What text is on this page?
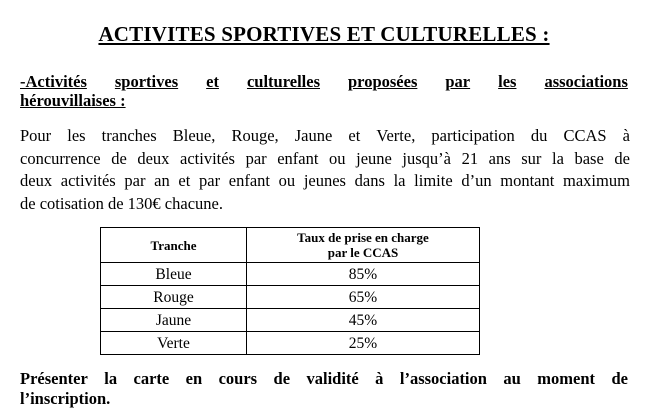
ACTIVITES SPORTIVES ET CULTURELLES :
-Activités sportives et culturelles proposées par les associations
hérouvillaises :
Pour les tranches Bleue, Rouge, Jaune et Verte, participation du CCAS à
concurrence de deux activités par enfant ou jeune jusqu’à 21 ans sur la base de
deux activités par an et par enfant ou jeunes dans la limite d’un montant maximum
de cotisation de 130€ chacune.
Tranche	Taux de prise en charge
par le CCAS
Bleue	85%
Rouge	65%
Jaune	45%
Verte	25%
Présenter la carte en cours de validité à l’association au moment de
l’inscription.
